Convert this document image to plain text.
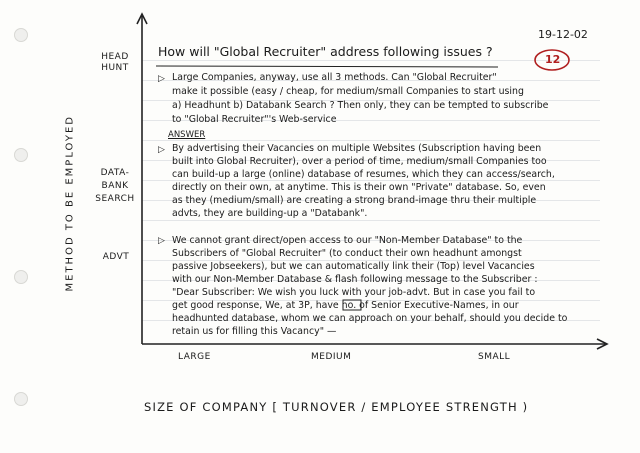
19-12-02
12
How will "Global Recruiter" address following issues ?
METHOD TO BE EMPLOYED
HEAD HUNT
DATA-BANK SEARCH
ADVT
LARGE	MEDIUM	SMALL
SIZE OF COMPANY [ TURNOVER / EMPLOYEE STRENGTH )
▷
▷
▷
Large Companies, anyway, use all 3 methods. Can "Global Recruiter"
make it possible (easy / cheap, for medium/small Companies to start using
a) Headhunt b) Databank Search ? Then only, they can be tempted to subscribe
to "Global Recruiter"'s Web-service
ANSWER
By advertising their Vacancies on multiple Websites (Subscription having been
built into Global Recruiter), over a period of time, medium/small Companies too
can build-up a large (online) database of resumes, which they can access/search,
directly on their own, at anytime. This is their own "Private" database. So, even
as they (medium/small) are creating a strong brand-image thru their multiple
advts, they are building-up a "Databank".
We cannot grant direct/open access to our "Non-Member Database" to the
Subscribers of "Global Recruiter" (to conduct their own headhunt amongst
passive Jobseekers), but we can automatically link their (Top) level Vacancies
with our Non-Member Database & flash following message to the Subscriber :
"Dear Subscriber: We wish you luck with your job-advt. But in case you fail to
get good response, We, at 3P, have no. of Senior Executive-Names, in our
headhunted database, whom we can approach on your behalf, should you decide to
retain us for filling this Vacancy" —
